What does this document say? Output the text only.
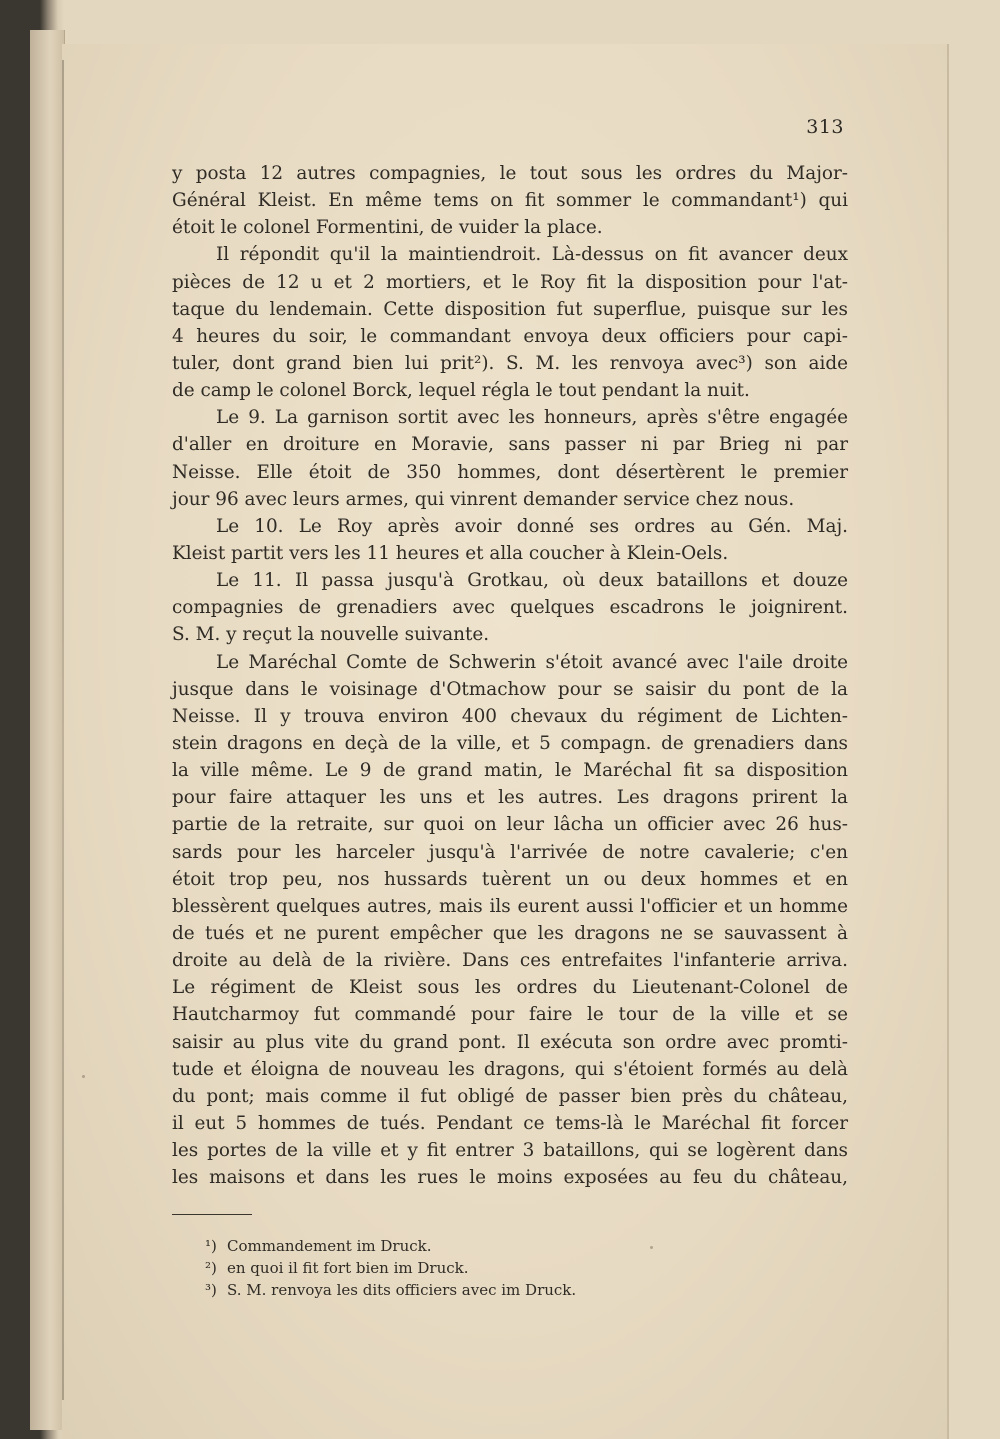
313
y posta 12 autres compagnies, le tout sous les ordres du Major-
Général Kleist. En même tems on fit sommer le commandant¹) qui
étoit le colonel Formentini, de vuider la place.
Il répondit qu'il la maintiendroit. Là-dessus on fit avancer deux
pièces de 12 u et 2 mortiers, et le Roy fit la disposition pour l'at-
taque du lendemain. Cette disposition fut superflue, puisque sur les
4 heures du soir, le commandant envoya deux officiers pour capi-
tuler, dont grand bien lui prit²). S. M. les renvoya avec³) son aide
de camp le colonel Borck, lequel régla le tout pendant la nuit.
Le 9. La garnison sortit avec les honneurs, après s'être engagée
d'aller en droiture en Moravie, sans passer ni par Brieg ni par
Neisse. Elle étoit de 350 hommes, dont désertèrent le premier
jour 96 avec leurs armes, qui vinrent demander service chez nous.
Le 10. Le Roy après avoir donné ses ordres au Gén. Maj.
Kleist partit vers les 11 heures et alla coucher à Klein-Oels.
Le 11. Il passa jusqu'à Grotkau, où deux bataillons et douze
compagnies de grenadiers avec quelques escadrons le joignirent.
S. M. y reçut la nouvelle suivante.
Le Maréchal Comte de Schwerin s'étoit avancé avec l'aile droite
jusque dans le voisinage d'Otmachow pour se saisir du pont de la
Neisse. Il y trouva environ 400 chevaux du régiment de Lichten-
stein dragons en deçà de la ville, et 5 compagn. de grenadiers dans
la ville même. Le 9 de grand matin, le Maréchal fit sa disposition
pour faire attaquer les uns et les autres. Les dragons prirent la
partie de la retraite, sur quoi on leur lâcha un officier avec 26 hus-
sards pour les harceler jusqu'à l'arrivée de notre cavalerie; c'en
étoit trop peu, nos hussards tuèrent un ou deux hommes et en
blessèrent quelques autres, mais ils eurent aussi l'officier et un homme
de tués et ne purent empêcher que les dragons ne se sauvassent à
droite au delà de la rivière. Dans ces entrefaites l'infanterie arriva.
Le régiment de Kleist sous les ordres du Lieutenant-Colonel de
Hautcharmoy fut commandé pour faire le tour de la ville et se
saisir au plus vite du grand pont. Il exécuta son ordre avec promti-
tude et éloigna de nouveau les dragons, qui s'étoient formés au delà
du pont; mais comme il fut obligé de passer bien près du château,
il eut 5 hommes de tués. Pendant ce tems-là le Maréchal fit forcer
les portes de la ville et y fit entrer 3 bataillons, qui se logèrent dans
les maisons et dans les rues le moins exposées au feu du château,
¹) Commandement im Druck.
²) en quoi il fit fort bien im Druck.
³) S. M. renvoya les dits officiers avec im Druck.
